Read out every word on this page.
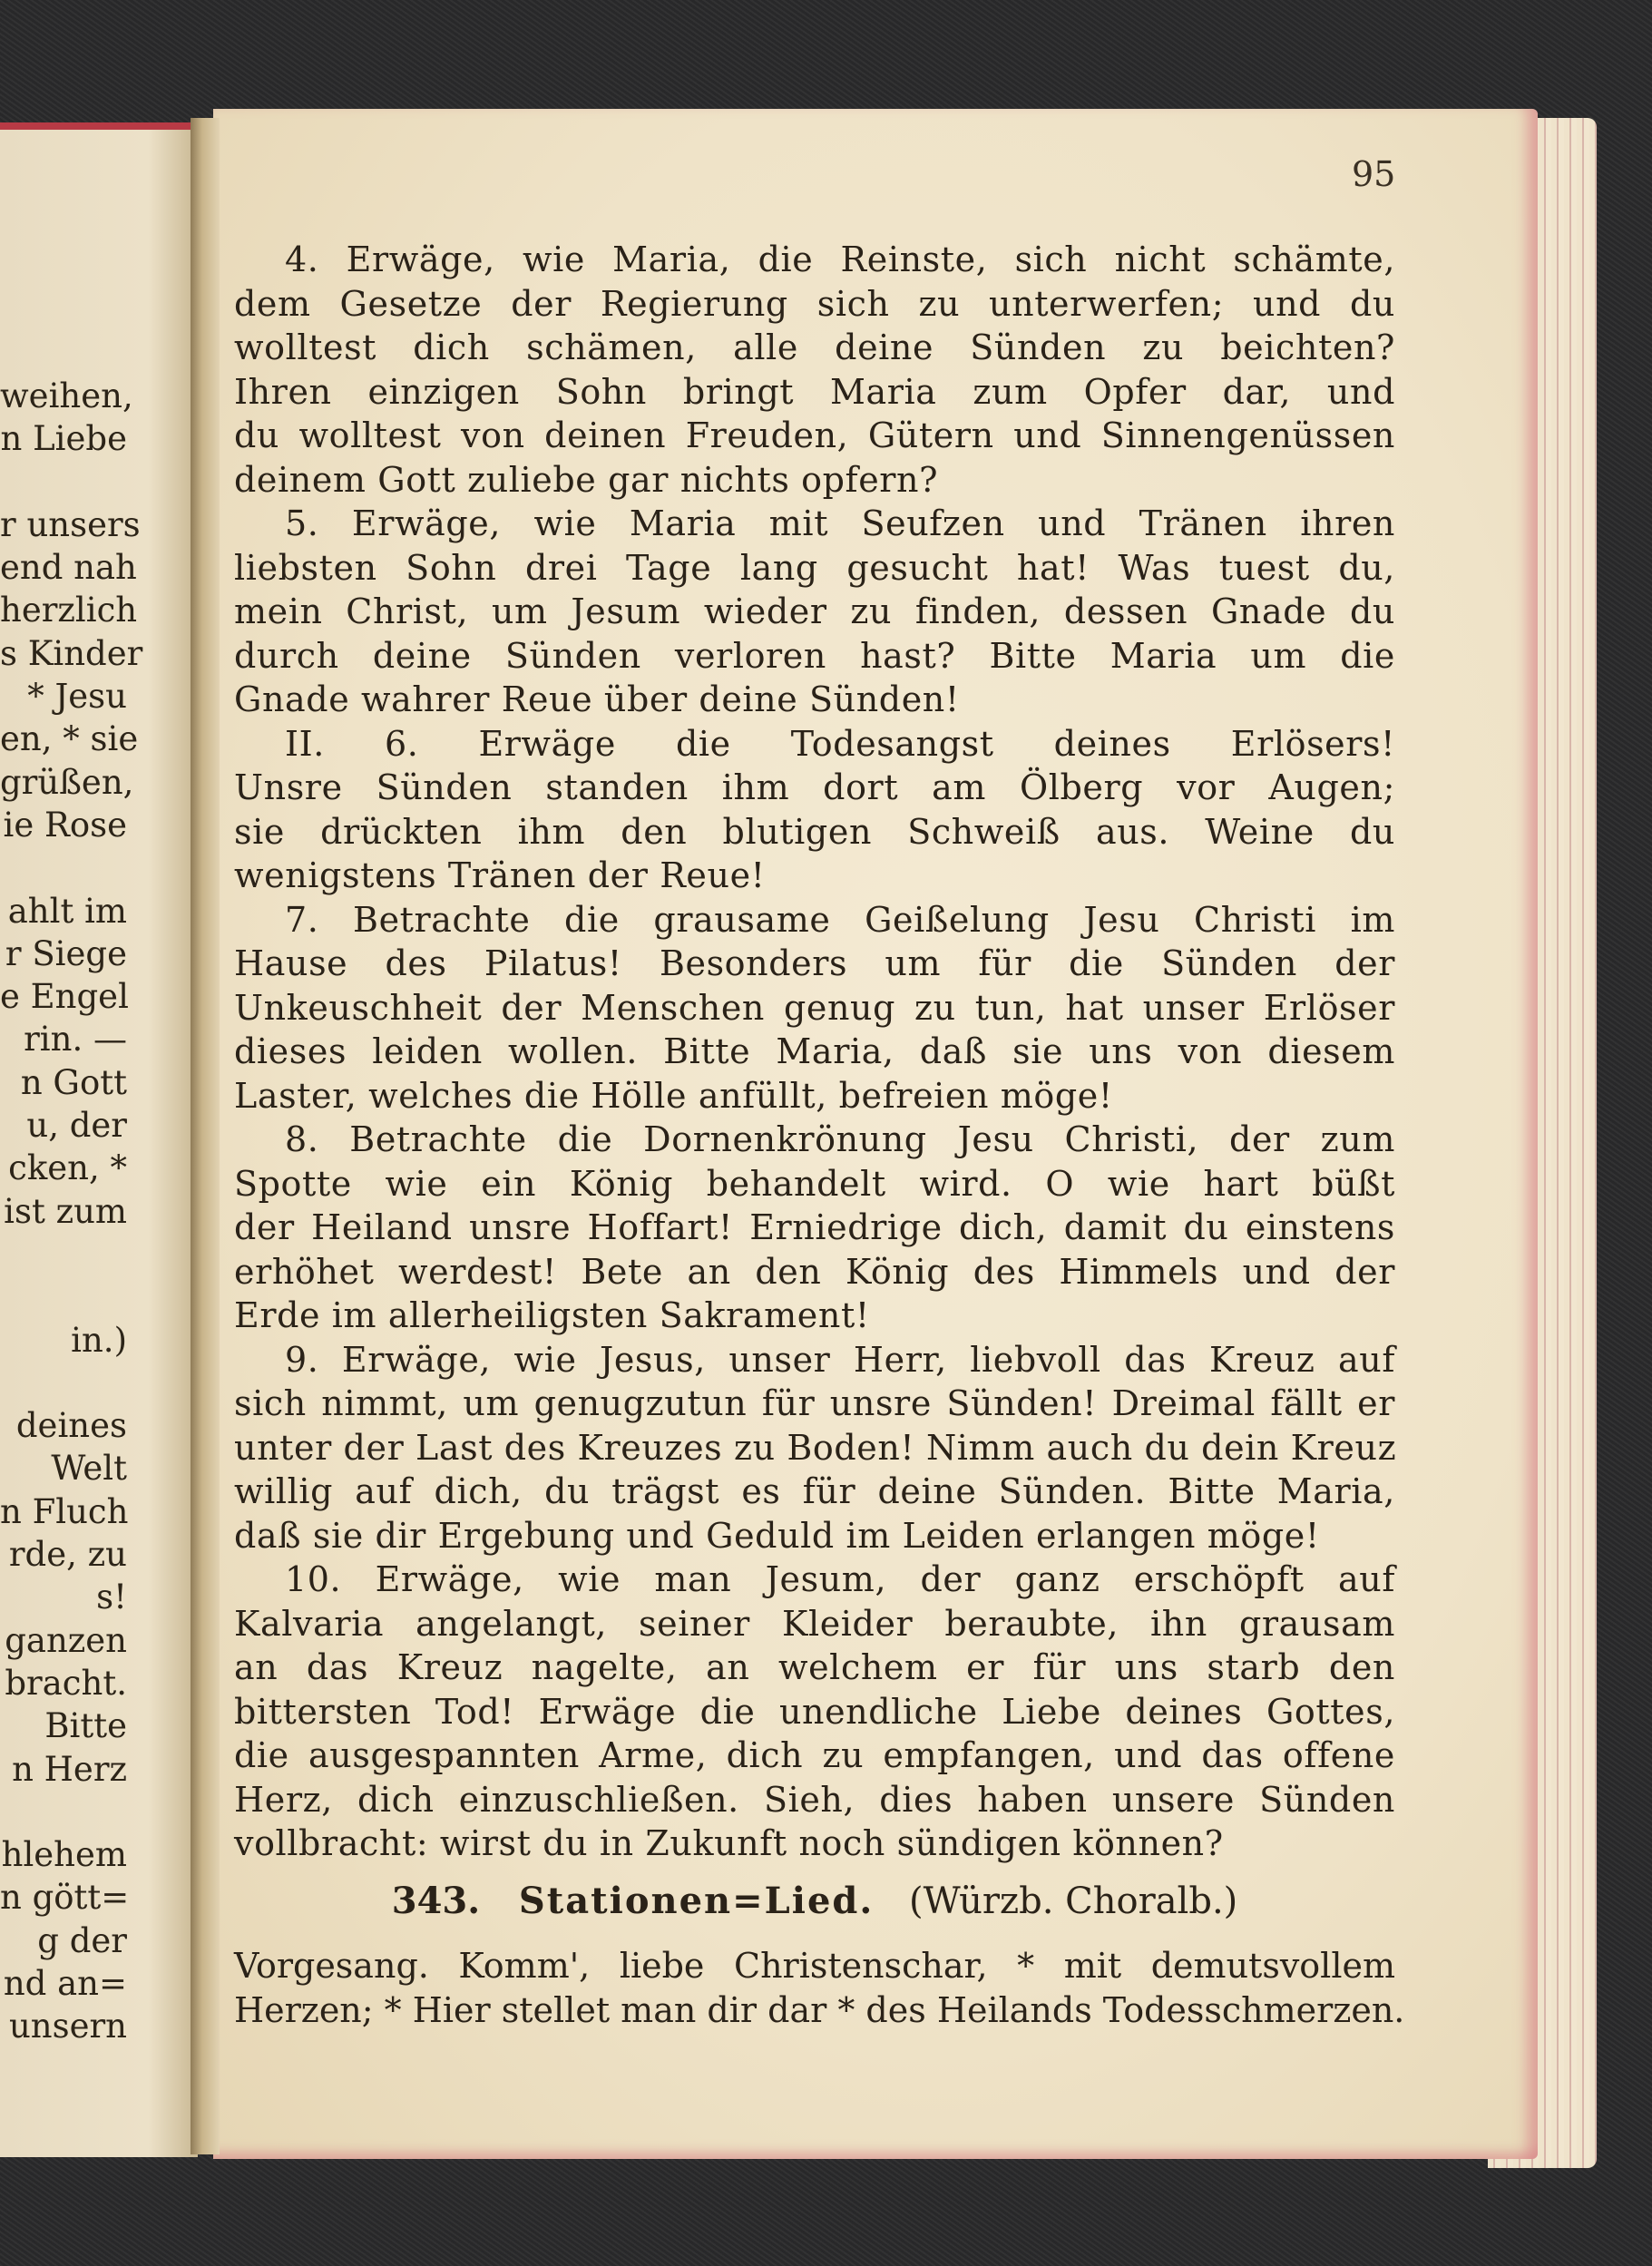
weihen,
n Liebe
r unsers
end nah
herzlich
s Kinder
* Jesu
en, * sie
grüßen,
ie Rose
ahlt im
r Siege
e Engel
rin. —
n Gott
u, der
cken, *
ist zum
in.)
deines
Welt
n Fluch
rde, zu
s!
ganzen
bracht.
Bitte
n Herz
hlehem
n gött=
g der
nd an=
unsern
95
4. Erwäge, wie Maria, die Reinste, sich nicht schämte,
dem Gesetze der Regierung sich zu unterwerfen; und du
wolltest dich schämen, alle deine Sünden zu beichten?
Ihren einzigen Sohn bringt Maria zum Opfer dar, und
du wolltest von deinen Freuden, Gütern und Sinnengenüssen
deinem Gott zuliebe gar nichts opfern?
5. Erwäge, wie Maria mit Seufzen und Tränen ihren
liebsten Sohn drei Tage lang gesucht hat! Was tuest du,
mein Christ, um Jesum wieder zu finden, dessen Gnade du
durch deine Sünden verloren hast? Bitte Maria um die
Gnade wahrer Reue über deine Sünden!
II. 6. Erwäge die Todesangst deines Erlösers!
Unsre Sünden standen ihm dort am Ölberg vor Augen;
sie drückten ihm den blutigen Schweiß aus. Weine du
wenigstens Tränen der Reue!
7. Betrachte die grausame Geißelung Jesu Christi im
Hause des Pilatus! Besonders um für die Sünden der
Unkeuschheit der Menschen genug zu tun, hat unser Erlöser
dieses leiden wollen. Bitte Maria, daß sie uns von diesem
Laster, welches die Hölle anfüllt, befreien möge!
8. Betrachte die Dornenkrönung Jesu Christi, der zum
Spotte wie ein König behandelt wird. O wie hart büßt
der Heiland unsre Hoffart! Erniedrige dich, damit du einstens
erhöhet werdest! Bete an den König des Himmels und der
Erde im allerheiligsten Sakrament!
9. Erwäge, wie Jesus, unser Herr, liebvoll das Kreuz auf
sich nimmt, um genugzutun für unsre Sünden! Dreimal fällt er
unter der Last des Kreuzes zu Boden! Nimm auch du dein Kreuz
willig auf dich, du trägst es für deine Sünden. Bitte Maria,
daß sie dir Ergebung und Geduld im Leiden erlangen möge!
10. Erwäge, wie man Jesum, der ganz erschöpft auf
Kalvaria angelangt, seiner Kleider beraubte, ihn grausam
an das Kreuz nagelte, an welchem er für uns starb den
bittersten Tod! Erwäge die unendliche Liebe deines Gottes,
die ausgespannten Arme, dich zu empfangen, und das offene
Herz, dich einzuschließen. Sieh, dies haben unsere Sünden
vollbracht: wirst du in Zukunft noch sündigen können?
343. Stationen=Lied. (Würzb. Choralb.)
Vorgesang. Komm', liebe Christenschar, * mit demutsvollem
Herzen; * Hier stellet man dir dar * des Heilands Todesschmerzen.
